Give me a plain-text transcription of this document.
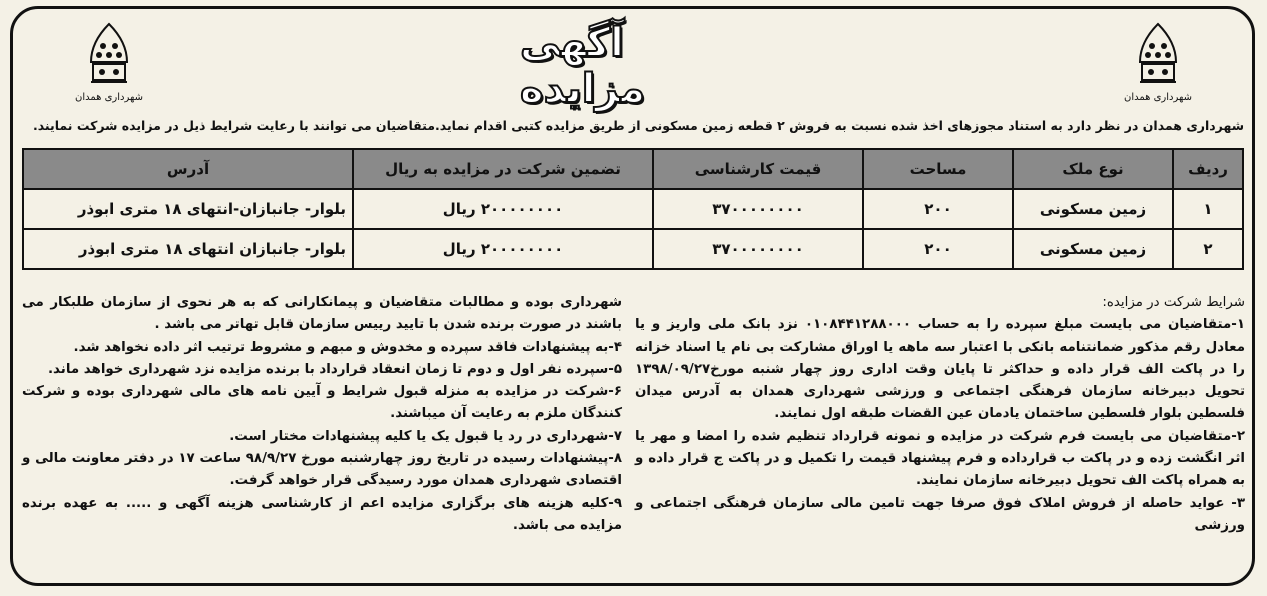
شهرداری همدان
شهرداری همدان
آگهی مزایده
شهرداری همدان در نظر دارد به استناد مجوزهای اخذ شده نسبت به فروش ۲ قطعه زمین مسکونی از طریق مزایده کتبی اقدام نماید.متقاضیان می توانند با رعایت شرایط ذیل در مزایده شرکت نمایند.
ردیف	نوع ملک	مساحت	قیمت کارشناسی	تضمین شرکت در مزایده به ریال	آدرس
۱	زمین مسکونی	۲۰۰	۳۷۰۰۰۰۰۰۰۰	۲۰۰۰۰۰۰۰۰ ریال	بلوار- جانبازان-انتهای ۱۸ متری ابوذر
۲	زمین مسکونی	۲۰۰	۳۷۰۰۰۰۰۰۰۰	۲۰۰۰۰۰۰۰۰ ریال	بلوار- جانبازان انتهای ۱۸ متری ابوذر

شرایط شرکت در مزایده:

۱-متقاضیان می بایست مبلغ سپرده را به حساب ۰۱۰۸۴۴۱۲۸۸۰۰۰ نزد بانک ملی واریز و یا معادل رقم مذکور ضمانتنامه بانکی با اعتبار سه ماهه یا اوراق مشارکت بی نام یا اسناد خزانه را در پاکت الف قرار داده و حداکثر تا پایان وقت اداری روز چهار شنبه مورخ۱۳۹۸/۰۹/۲۷ تحویل دبیرخانه سازمان فرهنگی اجتماعی و ورزشی شهرداری همدان به آدرس میدان فلسطین بلوار فلسطین ساختمان یادمان عین القضات طبقه اول نمایند.

۲-متقاضیان می بایست فرم شرکت در مزایده و نمونه قرارداد تنظیم شده را امضا و مهر یا اثر انگشت زده و در پاکت ب قرارداده و فرم پیشنهاد قیمت را تکمیل و در پاکت ج قرار داده و به همراه پاکت الف تحویل دبیرخانه سازمان نمایند.

۳- عواید حاصله از فروش املاک فوق صرفا جهت تامین مالی سازمان فرهنگی اجتماعی و ورزشی

شهرداری بوده و مطالبات متقاضیان و پیمانکارانی که به هر نحوی از سازمان طلبکار می باشند در صورت برنده شدن با تایید رییس سازمان قابل تهاتر می باشد .

۴-به پیشنهادات فاقد سپرده و مخدوش و مبهم و مشروط ترتیب اثر داده نخواهد شد.

۵-سپرده نفر اول و دوم تا زمان انعقاد قرارداد با برنده مزایده نزد شهرداری خواهد ماند.

۶-شرکت در مزایده به منزله قبول شرایط و آیین نامه های مالی شهرداری بوده و شرکت کنندگان ملزم به رعایت آن میباشند.

۷-شهرداری در رد یا قبول یک یا کلیه پیشنهادات مختار است.

۸-پیشنهادات رسیده در تاریخ روز چهارشنبه مورخ ۹۸/۹/۲۷ ساعت ۱۷ در دفتر معاونت مالی و اقتصادی شهرداری همدان مورد رسیدگی قرار خواهد گرفت.

۹-کلیه هزینه های برگزاری مزایده اعم از کارشناسی هزینه آگهی و ..... به عهده برنده مزایده می باشد.
